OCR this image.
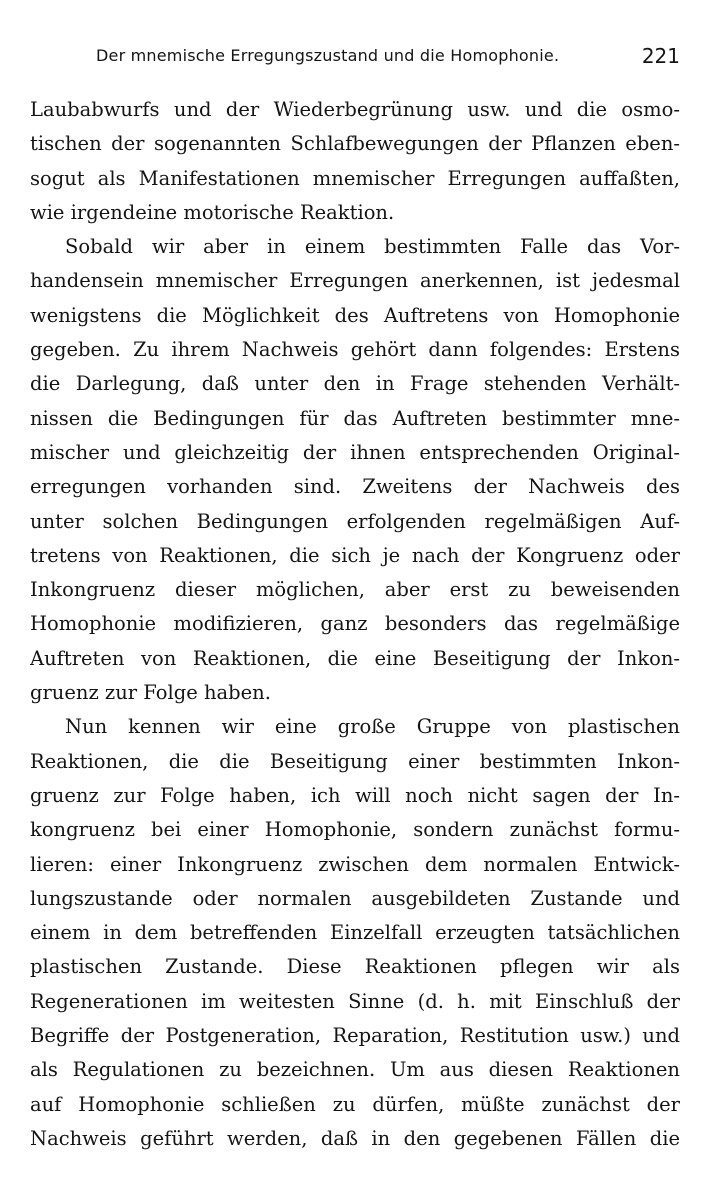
Der mnemische Erregungszustand und die Homophonie.	221
Laubabwurfs und der Wiederbegrünung usw. und die osmo-
tischen der sogenannten Schlafbewegungen der Pflanzen eben-
sogut als Manifestationen mnemischer Erregungen auffaßten,
wie irgendeine motorische Reaktion.
Sobald wir aber in einem bestimmten Falle das Vor-
handensein mnemischer Erregungen anerkennen, ist jedesmal
wenigstens die Möglichkeit des Auftretens von Homophonie
gegeben. Zu ihrem Nachweis gehört dann folgendes: Erstens
die Darlegung, daß unter den in Frage stehenden Verhält-
nissen die Bedingungen für das Auftreten bestimmter mne-
mischer und gleichzeitig der ihnen entsprechenden Original-
erregungen vorhanden sind. Zweitens der Nachweis des
unter solchen Bedingungen erfolgenden regelmäßigen Auf-
tretens von Reaktionen, die sich je nach der Kongruenz oder
Inkongruenz dieser möglichen, aber erst zu beweisenden
Homophonie modifizieren, ganz besonders das regelmäßige
Auftreten von Reaktionen, die eine Beseitigung der Inkon-
gruenz zur Folge haben.
Nun kennen wir eine große Gruppe von plastischen
Reaktionen, die die Beseitigung einer bestimmten Inkon-
gruenz zur Folge haben, ich will noch nicht sagen der In-
kongruenz bei einer Homophonie, sondern zunächst formu-
lieren: einer Inkongruenz zwischen dem normalen Entwick-
lungszustande oder normalen ausgebildeten Zustande und
einem in dem betreffenden Einzelfall erzeugten tatsächlichen
plastischen Zustande. Diese Reaktionen pflegen wir als
Regenerationen im weitesten Sinne (d. h. mit Einschluß der
Begriffe der Postgeneration, Reparation, Restitution usw.) und
als Regulationen zu bezeichnen. Um aus diesen Reaktionen
auf Homophonie schließen zu dürfen, müßte zunächst der
Nachweis geführt werden, daß in den gegebenen Fällen die
